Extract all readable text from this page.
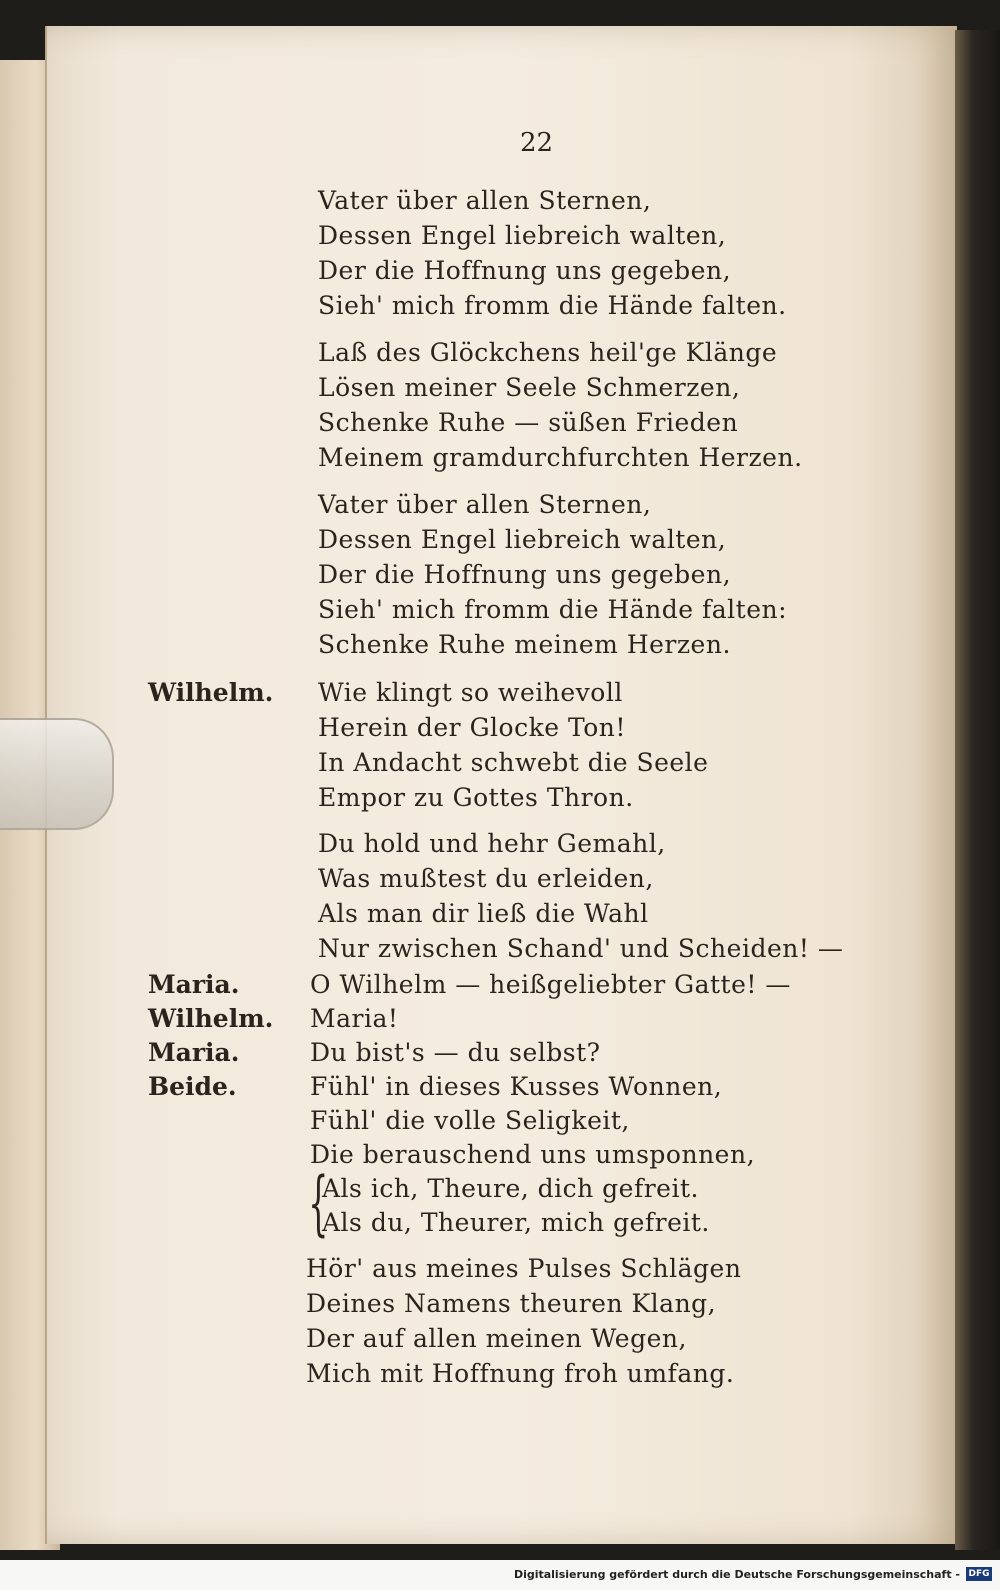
22
Vater über allen Sternen,
Dessen Engel liebreich walten,
Der die Hoffnung uns gegeben,
Sieh' mich fromm die Hände falten.
Laß des Glöckchens heil'ge Klänge
Lösen meiner Seele Schmerzen,
Schenke Ruhe — süßen Frieden
Meinem gramdurchfurchten Herzen.
Vater über allen Sternen,
Dessen Engel liebreich walten,
Der die Hoffnung uns gegeben,
Sieh' mich fromm die Hände falten:
Schenke Ruhe meinem Herzen.
Wilhelm. Wie klingt so weihevoll
Herein der Glocke Ton!
In Andacht schwebt die Seele
Empor zu Gottes Thron.
Du hold und hehr Gemahl,
Was mußtest du erleiden,
Als man dir ließ die Wahl
Nur zwischen Schand' und Scheiden! —
Maria.	O Wilhelm — heißgeliebter Gatte! —
Wilhelm. Maria!
Maria.	Du bist's — du selbst?
Beide.	Fühl' in dieses Kusses Wonnen,
Fühl' die volle Seligkeit,
Die berauschend uns umsponnen,
{
Als ich, Theure, dich gefreit.
Als du, Theurer, mich gefreit.
Hör' aus meines Pulses Schlägen
Deines Namens theuren Klang,
Der auf allen meinen Wegen,
Mich mit Hoffnung froh umfang.
Digitalisierung gefördert durch die Deutsche Forschungsgemeinschaft - DFG
